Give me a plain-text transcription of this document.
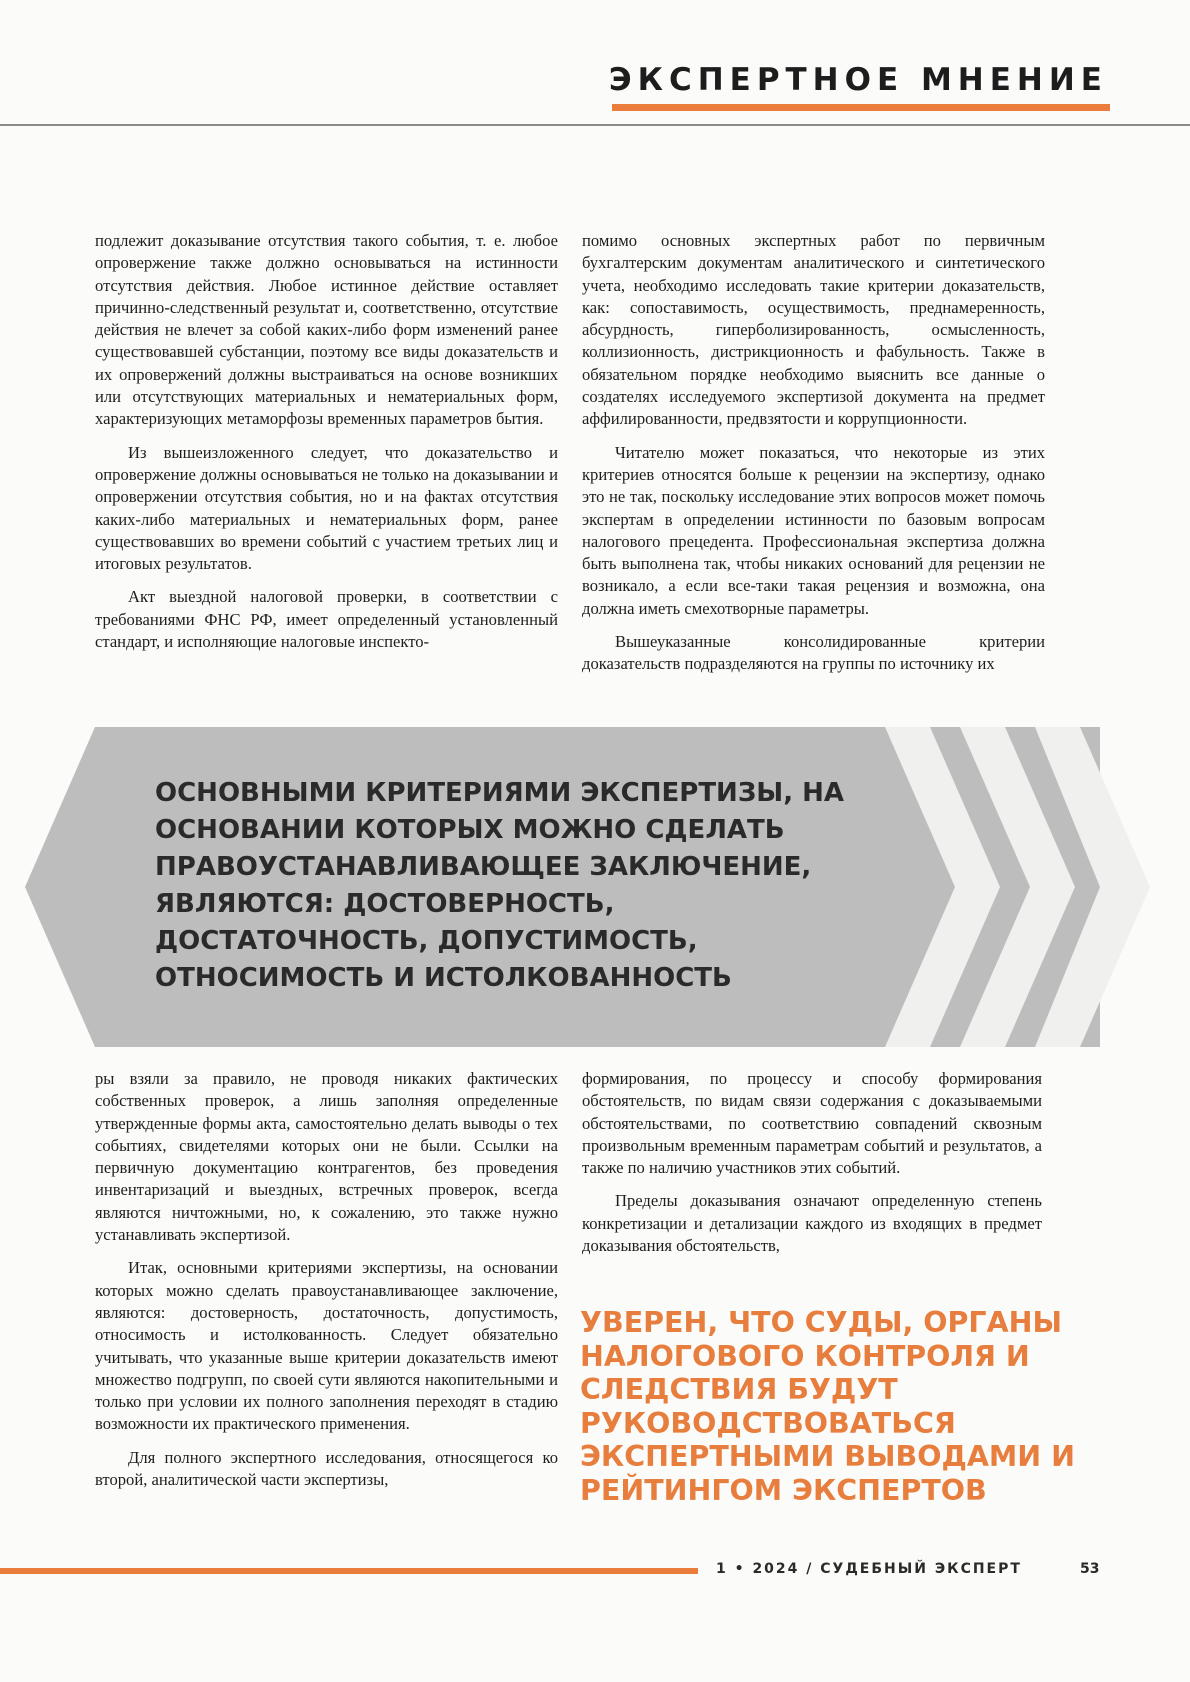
ЭКСПЕРТНОЕ МНЕНИЕ

подлежит доказывание отсутствия такого события, т. е. любое опровержение также должно основываться на истинности отсутствия действия. Любое истинное действие оставляет причинно-следственный результат и, соответственно, отсутствие действия не влечет за собой каких-либо форм изменений ранее существовавшей субстанции, поэтому все виды доказательств и их опровержений должны выстраиваться на основе возникших или отсутствующих материальных и нематериальных форм, характеризующих метаморфозы временных параметров бытия.

Из вышеизложенного следует, что доказательство и опровержение должны основываться не только на доказывании и опровержении отсутствия события, но и на фактах отсутствия каких-либо материальных и нематериальных форм, ранее существовавших во времени событий с участием третьих лиц и итоговых результатов.

Акт выездной налоговой проверки, в соответствии с требованиями ФНС РФ, имеет определенный установленный стандарт, и исполняющие налоговые инспекто-

помимо основных экспертных работ по первичным бухгалтерским документам аналитического и синтетического учета, необходимо исследовать такие критерии доказательств, как: сопоставимость, осуществимость, преднамеренность, абсурдность, гиперболизированность, осмысленность, коллизионность, дистрикционность и фабульность. Также в обязательном порядке необходимо выяснить все данные о создателях исследуемого экспертизой документа на предмет аффилированности, предвзятости и коррупционности.

Читателю может показаться, что некоторые из этих критериев относятся больше к рецензии на экспертизу, однако это не так, поскольку исследование этих вопросов может помочь экспертам в определении истинности по базовым вопросам налогового прецедента. Профессиональная экспертиза должна быть выполнена так, чтобы никаких оснований для рецензии не возникало, а если все-таки такая рецензия и возможна, она должна иметь смехотворные параметры.

Вышеуказанные консолидированные критерии доказательств подразделяются на группы по источнику их

ОСНОВНЫМИ КРИТЕРИЯМИ ЭКСПЕРТИЗЫ, НА ОСНОВАНИИ КОТОРЫХ МОЖНО СДЕЛАТЬ ПРАВОУСТАНАВЛИВАЮЩЕЕ ЗАКЛЮЧЕНИЕ, ЯВЛЯЮТСЯ: ДОСТОВЕРНОСТЬ, ДОСТАТОЧНОСТЬ, ДОПУСТИМОСТЬ, ОТНОСИМОСТЬ И ИСТОЛКОВАННОСТЬ

ры взяли за правило, не проводя никаких фактических собственных проверок, а лишь заполняя определенные утвержденные формы акта, самостоятельно делать выводы о тех событиях, свидетелями которых они не были. Ссылки на первичную документацию контрагентов, без проведения инвентаризаций и выездных, встречных проверок, всегда являются ничтожными, но, к сожалению, это также нужно устанавливать экспертизой.

Итак, основными критериями экспертизы, на основании которых можно сделать правоустанавливающее заключение, являются: достоверность, достаточность, допустимость, относимость и истолкованность. Следует обязательно учитывать, что указанные выше критерии доказательств имеют множество подгрупп, по своей сути являются накопительными и только при условии их полного заполнения переходят в стадию возможности их практического применения.

Для полного экспертного исследования, относящегося ко второй, аналитической части экспертизы,

формирования, по процессу и способу формирования обстоятельств, по видам связи содержания с доказываемыми обстоятельствами, по соответствию совпадений сквозным произвольным временным параметрам событий и результатов, а также по наличию участников этих событий.

Пределы доказывания означают определенную степень конкретизации и детализации каждого из входящих в предмет доказывания обстоятельств,

УВЕРЕН, ЧТО СУДЫ, ОРГАНЫ НАЛОГОВОГО КОНТРОЛЯ И СЛЕДСТВИЯ БУДУТ РУКОВОДСТВОВАТЬСЯ ЭКСПЕРТНЫМИ ВЫВОДАМИ И РЕЙТИНГОМ ЭКСПЕРТОВ

1 • 2024 / СУДЕБНЫЙ ЭКСПЕРТ	53
